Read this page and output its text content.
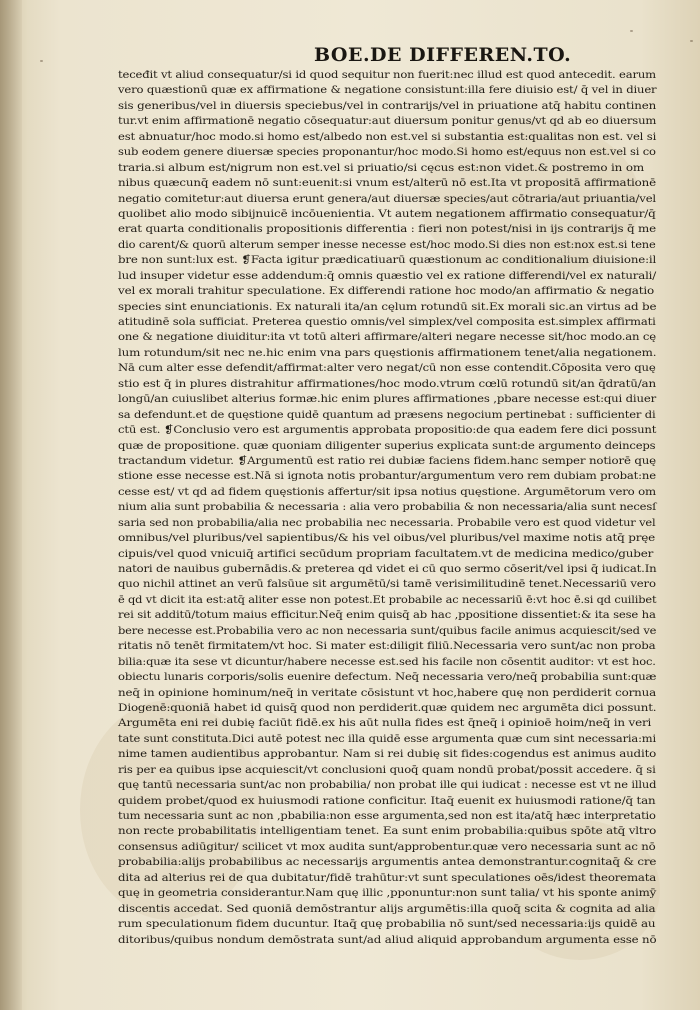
BOE.DE DIFFEREN.TO.
teceđit vt aliud consequatur/si id quod sequitur non fuerit:nec illud est quod antecedit. earum
vero quæstionū quæ ex affirmatione & negatione consistunt:illa fere diuisio est/ q̄ vel in diuer
sis generibus/vel in diuersis speciebus/vel in contrarijs/vel in priuatione atq̄ habitu continen
tur.vt enim affirmationē negatio cōsequatur:aut diuersum ponitur genus/vt qd ab eo diuersum
est abnuatur/hoc modo.si homo est/albedo non est.vel si substantia est:qualitas non est. vel si
sub eodem genere diuersæ species proponantur/hoc modo.Si homo est/equus non est.vel si co
traria.si album est/nigrum non est.vel si priuatio/si cęcus est:non videt.& postremo in om
nibus quæcunq̄ eadem nō sunt:euenit:si vnum est/alterū nō est.Ita vt propositā affirmationē
negatio comitetur:aut diuersa erunt genera/aut diuersæ species/aut cōtraria/aut priuantia/vel
quolibet alio modo sibijnuicē incōuenientia. Vt autem negationem affirmatio consequatur/q̄
erat quarta conditionalis propositionis differentia : fieri non potest/nisi in ijs contrarijs q̄ me
dio carent/& quorū alterum semper inesse necesse est/hoc modo.Si dies non est:nox est.si tene
bre non sunt:lux est. ❡Facta igitur prædicatiuarū quæstionum ac conditionalium diuisione:il
lud insuper videtur esse addendum:q̄ omnis quæstio vel ex ratione differendi/vel ex naturali/
vel ex morali trahitur speculatione. Ex differendi ratione hoc modo/an affirmatio & negatio
species sint enunciationis. Ex naturali ita/an cęlum rotundū sit.Ex morali sic.an virtus ad be
atitudinē sola sufficiat. Preterea questio omnis/vel simplex/vel composita est.simplex affirmati
one & negatione diuiditur:ita vt totū alteri affirmare/alteri negare necesse sit/hoc modo.an cę
lum rotundum/sit nec ne.hic enim vna pars quęstionis affirmationem tenet/alia negationem.
Nā cum alter esse defendit/affirmat:alter vero negat/cū non esse contendit.Cōposita vero quę
stio est q̄ in plures distrahitur affirmationes/hoc modo.vtrum cœlū rotundū sit/an q̄dratū/an
longū/an cuiuslibet alterius formæ.hic enim plures affirmationes ,pbare necesse est:qui diuer
sa defendunt.et de quęstione quidē quantum ad præsens negocium pertinebat : sufficienter di
ctū est. ❡Conclusio vero est argumentis approbata propositio:de qua eadem fere dici possunt
quæ de propositione. quæ quoniam diligenter superius explicata sunt:de argumento deinceps
tractandum videtur. ❡Argumentū est ratio rei dubiæ faciens fidem.hanc semper notiorē quę
stione esse necesse est.Nā si ignota notis probantur/argumentum vero rem dubiam probat:ne
cesse est/ vt qd ad fidem quęstionis affertur/sit ipsa notius quęstione. Argumētorum vero om
nium alia sunt probabilia & necessaria : alia vero probabilia & non necessaria/alia sunt necesſ
saria sed non probabilia/alia nec probabilia nec necessaria. Probabile vero est quod videtur vel
omnibus/vel pluribus/vel sapientibus/& his vel oibus/vel pluribus/vel maxime notis atq̄ pręe
cipuis/vel quod vnicuiq̄ artifici secūdum propriam facultatem.vt de medicina medico/guber
natori de nauibus gubernādis.& preterea qd videt ei cū quo sermo cōserit/vel ipsi q̄ iudicat.In
quo nichil attinet an verū falsūue sit argumētū/si tamē verisimilitudinē tenet.Necessariū vero
ē qd vt dicit ita est:atq̄ aliter esse non potest.Et probabile ac necessariū ē:vt hoc ē.si qd cuilibet
rei sit additū/totum maius efficitur.Neq̄ enim quisq̄ ab hac ,ppositione dissentiet:& ita sese ha
bere necesse est.Probabilia vero ac non necessaria sunt/quibus facile animus acquiescit/sed ve
ritatis nō tenēt firmitatem/vt hoc. Si mater est:diligit filiū.Necessaria vero sunt/ac non proba
bilia:quæ ita sese vt dicuntur/habere necesse est.sed his facile non cōsentit auditor: vt est hoc.
obiectu lunaris corporis/solis euenire defectum. Neq̄ necessaria vero/neq̄ probabilia sunt:quæ
neq̄ in opinione hominum/neq̄ in veritate cōsistunt vt hoc,habere quę non perdiderit cornua
Diogenē:quoniā habet id quisq̄ quod non perdiderit.quæ quidem nec argumēta dici possunt.
Argumēta eni rei dubię faciūt fidē.ex his aūt nulla fides est q̄neq̄ i opinioē hoim/neq̄ in veri
tate sunt constituta.Dici autē potest nec illa quidē esse argumenta quæ cum sint necessaria:mi
nime tamen audientibus approbantur. Nam si rei dubię sit fides:cogendus est animus audito
ris per ea quibus ipse acquiescit/vt conclusioni quoq̄ quam nondū probat/possit accedere. q̄ si
quę tantū necessaria sunt/ac non probabilia/ non probat ille qui iudicat : necesse est vt ne illud
quidem probet/quod ex huiusmodi ratione conficitur. Itaq̄ euenit ex huiusmodi ratione/q̄ tan
tum necessaria sunt ac non ,pbabilia:non esse argumenta,sed non est ita/atq̄ hæc interpretatio
non recte probabilitatis intelligentiam tenet. Ea sunt enim probabilia:quibus spōte atq̄ vltro
consensus adiūgitur/ scilicet vt mox audita sunt/approbentur.quæ vero necessaria sunt ac nō
probabilia:alijs probabilibus ac necessarijs argumentis antea demonstrantur.cognitaq̄ & cre
dita ad alterius rei de qua dubitatur/fidē trahūtur:vt sunt speculationes oēs/idest theoremata
quę in geometria considerantur.Nam quę illic ,pponuntur:non sunt talia/ vt his sponte animȳ
discentis accedat. Sed quoniā demōstrantur alijs argumētis:illa quoq̄ scita & cognita ad alia
rum speculationum fidem ducuntur. Itaq̄ quę probabilia nō sunt/sed necessaria:ijs quidē au
ditoribus/quibus nondum demōstrata sunt/ad aliud aliquid approbandum argumenta esse nō
